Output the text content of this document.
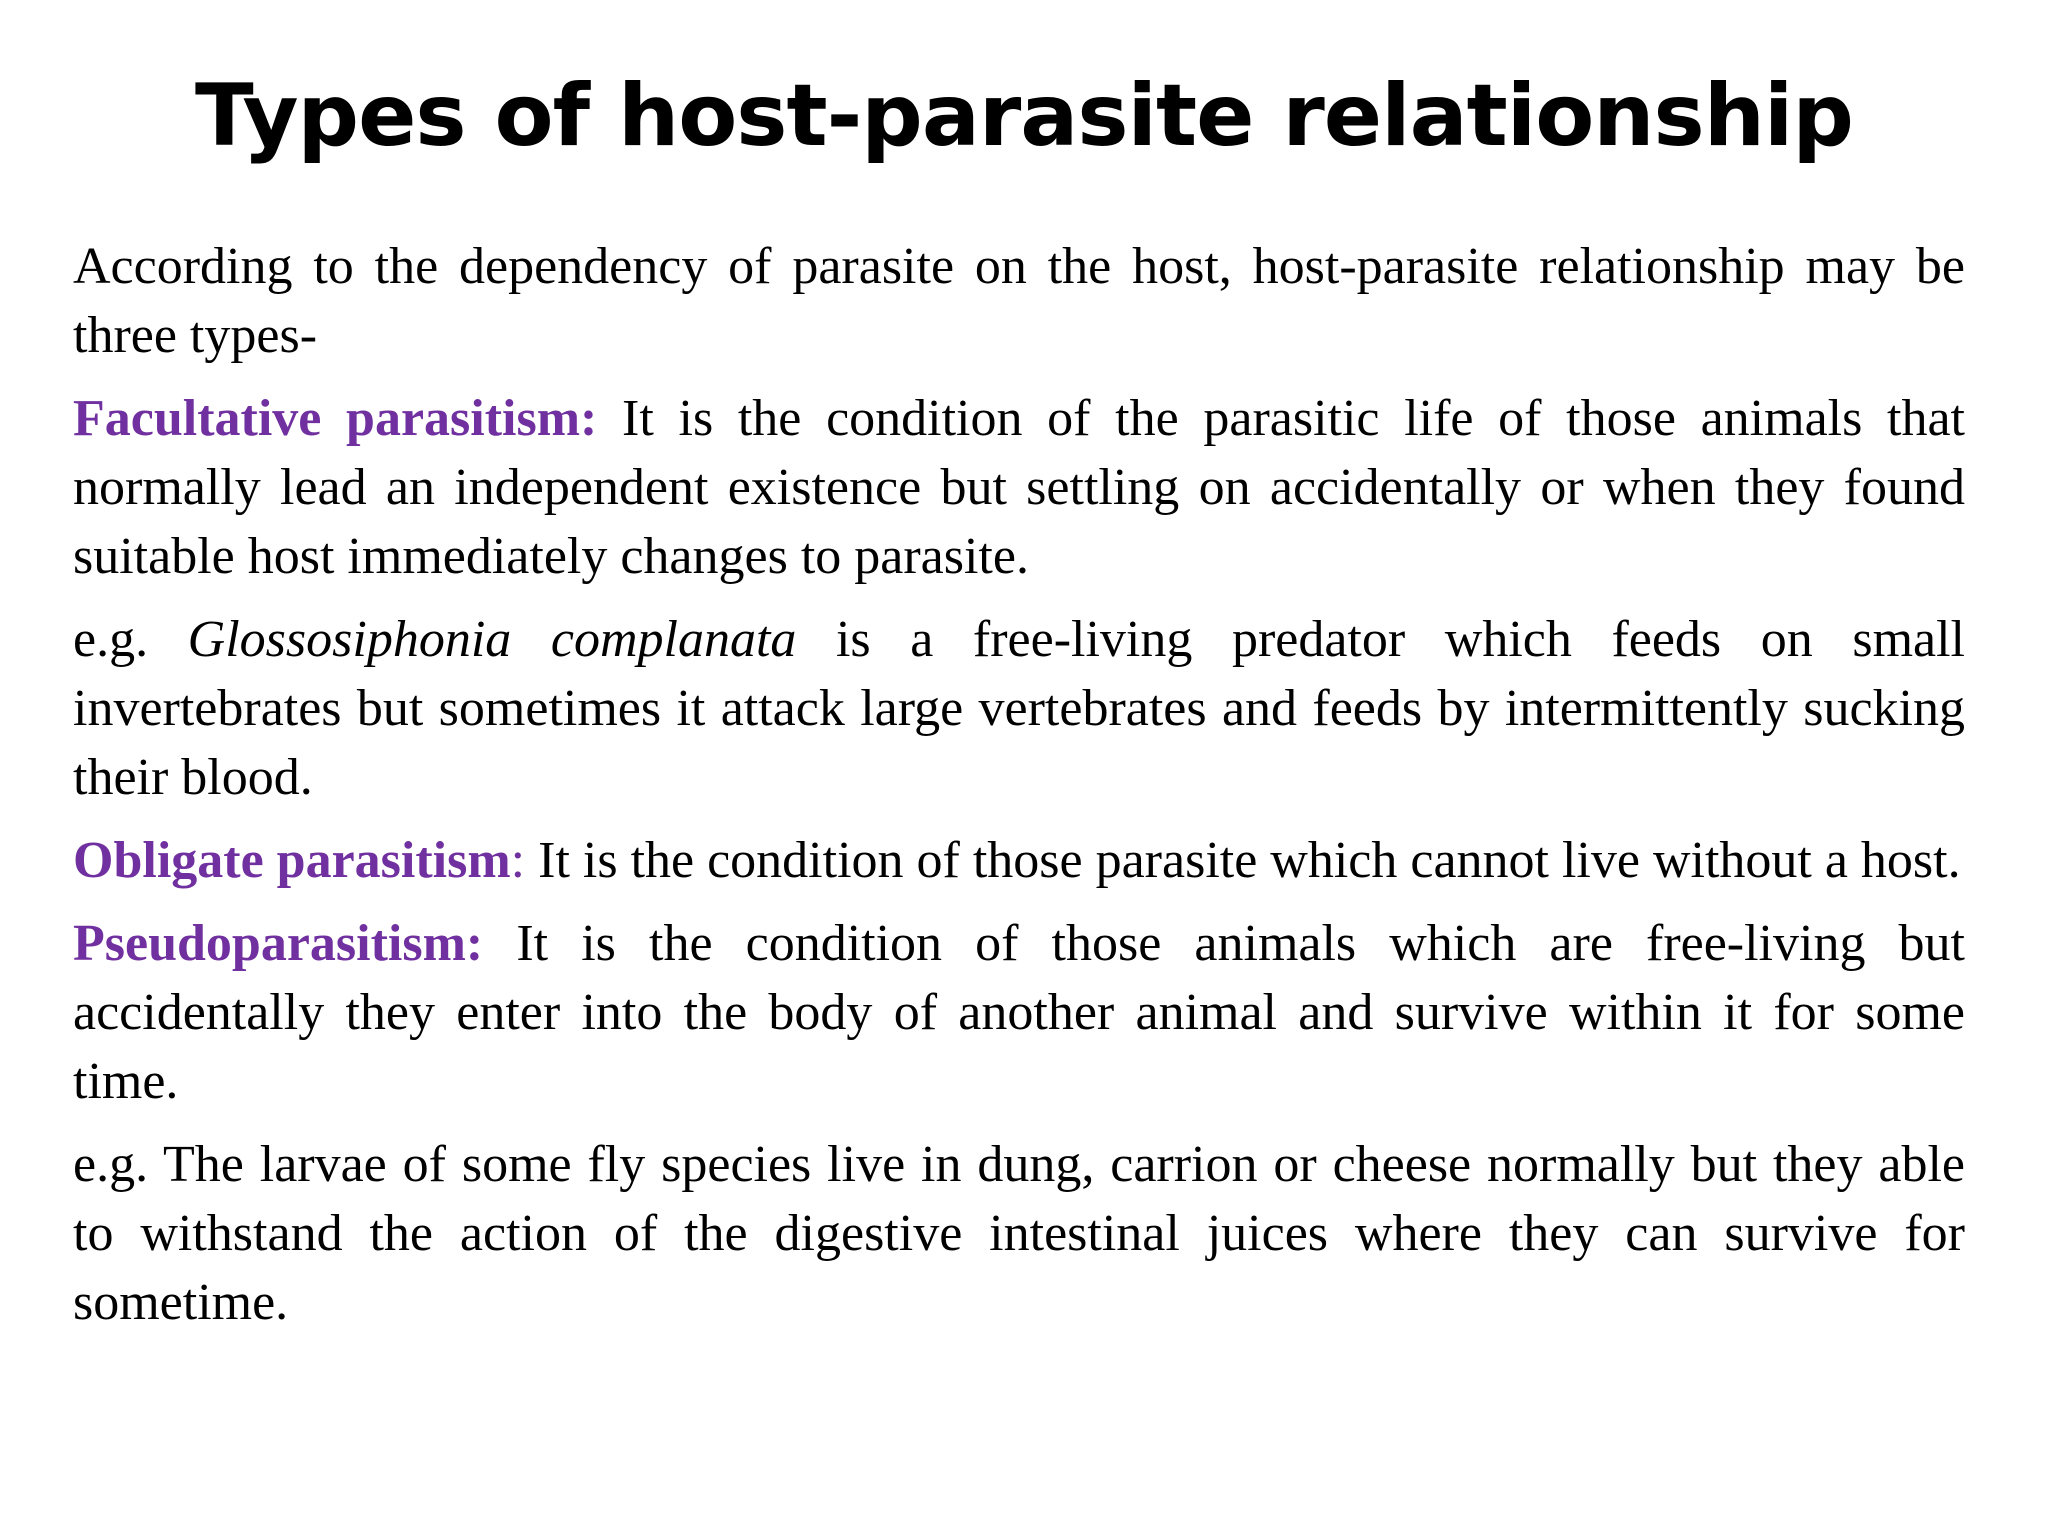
Types of host-parasite relationship

According to the dependency of parasite on the host, host-parasite relationship may be three types-

Facultative parasitism: It is the condition of the parasitic life of those animals that normally lead an independent existence but settling on accidentally or when they found suitable host immediately changes to parasite.

e.g. Glossosiphonia complanata is a free-living predator which feeds on small invertebrates but sometimes it attack large vertebrates and feeds by intermittently sucking their blood.

Obligate parasitism: It is the condition of those parasite which cannot live without a host.

Pseudoparasitism: It is the condition of those animals which are free-living but accidentally they enter into the body of another animal and survive within it for some time.

e.g. The larvae of some fly species live in dung, carrion or cheese normally but they able to withstand the action of the digestive intestinal juices where they can survive for sometime.
